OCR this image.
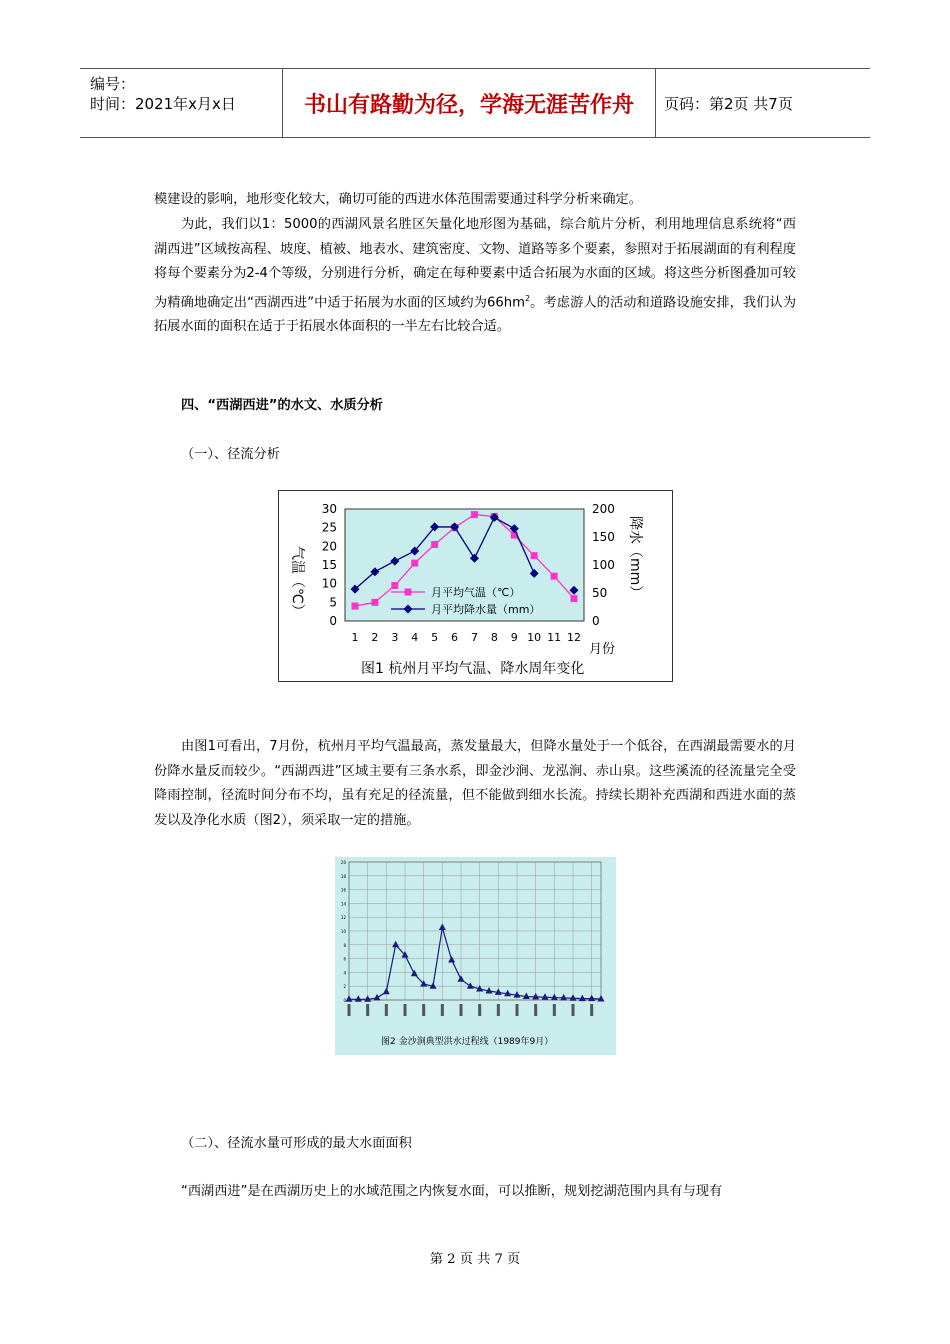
编号：
时间：2021年x月x日	书山有路勤为径，学海无涯苦作舟	页码：第2页 共7页
模建设的影响，地形变化较大，确切可能的西进水体范围需要通过科学分析来确定。
为此，我们以1：5000的西湖风景名胜区矢量化地形图为基础，综合航片分析，利用地理信息系统将“西湖西进”区域按高程、坡度、植被、地表水、建筑密度、文物、道路等多个要素，参照对于拓展湖面的有利程度将每个要素分为2-4个等级，分别进行分析，确定在每种要素中适合拓展为水面的区域。将这些分析图叠加可较为精确地确定出“西湖西进”中适于拓展为水面的区域约为$66hm^2$。考虑游人的活动和道路设施安排，我们认为拓展水面的面积在适于于拓展水体面积的一半左右比较合适。
四、“西湖西进”的水文、水质分析
（一）、径流分析
气温（℃）	降水（mm）
月份
图1 杭州月平均气温、降水周年变化
0
5
10
15
20
25
30
0
50
100
150
200
1 2 3 4 5 6 7 8 9 10 11 12
月平均气温（℃）
月平均降水量（mm）
由图1可看出，7月份，杭州月平均气温最高，蒸发量最大，但降水量处于一个低谷，在西湖最需要水的月份降水量反而较少。“西湖西进”区域主要有三条水系，即金沙涧、龙泓涧、赤山泉。这些溪流的径流量完全受降雨控制，径流时间分布不均，虽有充足的径流量，但不能做到细水长流。持续长期补充西湖和西进水面的蒸发以及净化水质（图2），须采取一定的措施。
图2 金沙涧典型洪水过程线（1989年9月）
0
2
4
6
8
10
12
14
16
18
20
（二）、径流水量可形成的最大水面面积
“西湖西进”是在西湖历史上的水域范围之内恢复水面，可以推断，规划挖湖范围内具有与现有
第 2 页 共 7 页
